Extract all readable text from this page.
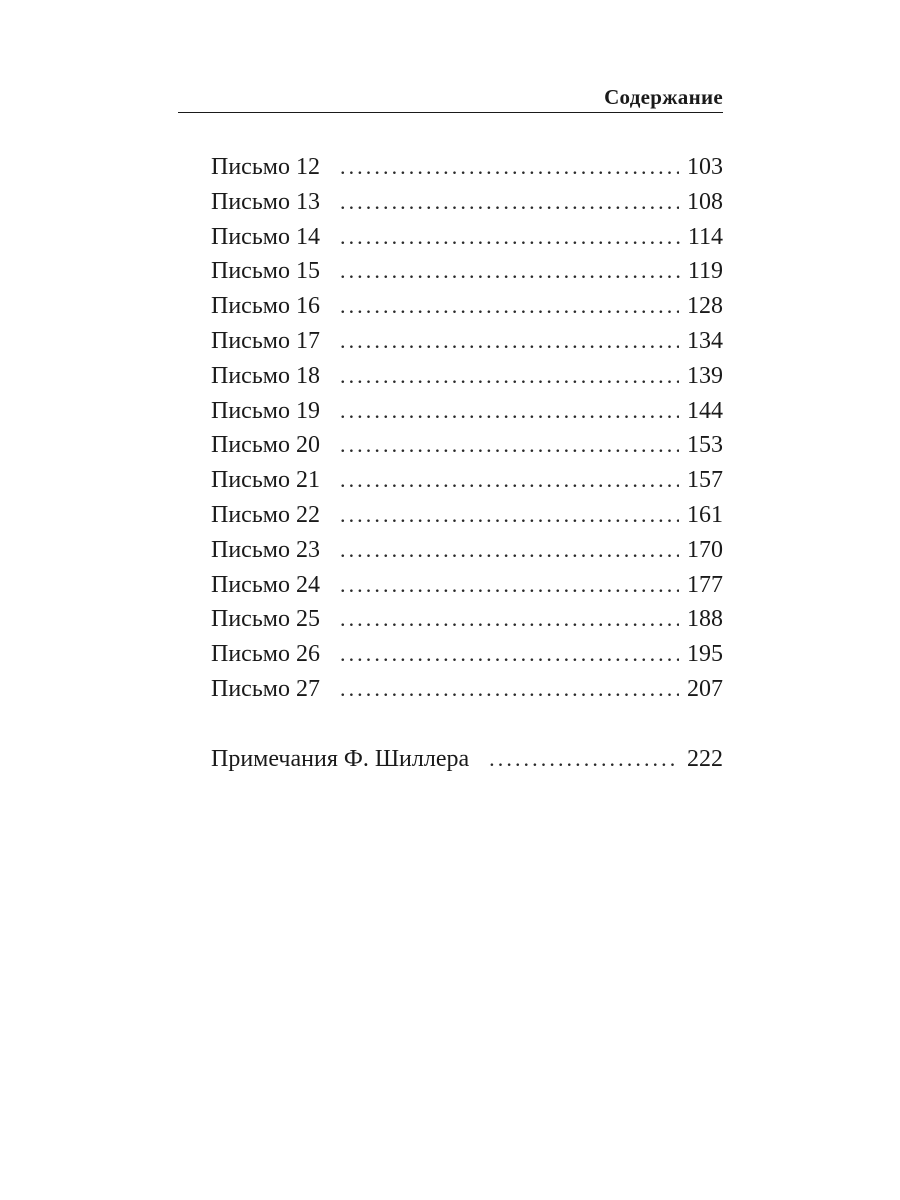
Содержание
Письмо 12 . . .	103
Письмо 13 . . .	108
Письмо 14 . . .	114
Письмо 15 . . .	119
Письмо 16 . . .	128
Письмо 17 . . .	134
Письмо 18 . . .	139
Письмо 19 . . .	144
Письмо 20 . . .	153
Письмо 21 . . .	157
Письмо 22 . . .	161
Письмо 23 . . .	170
Письмо 24 . . .	177
Письмо 25 . . .	188
Письмо 26 . . .	195
Письмо 27 . . .	207
Примечания Ф. Шиллера . . .	222
